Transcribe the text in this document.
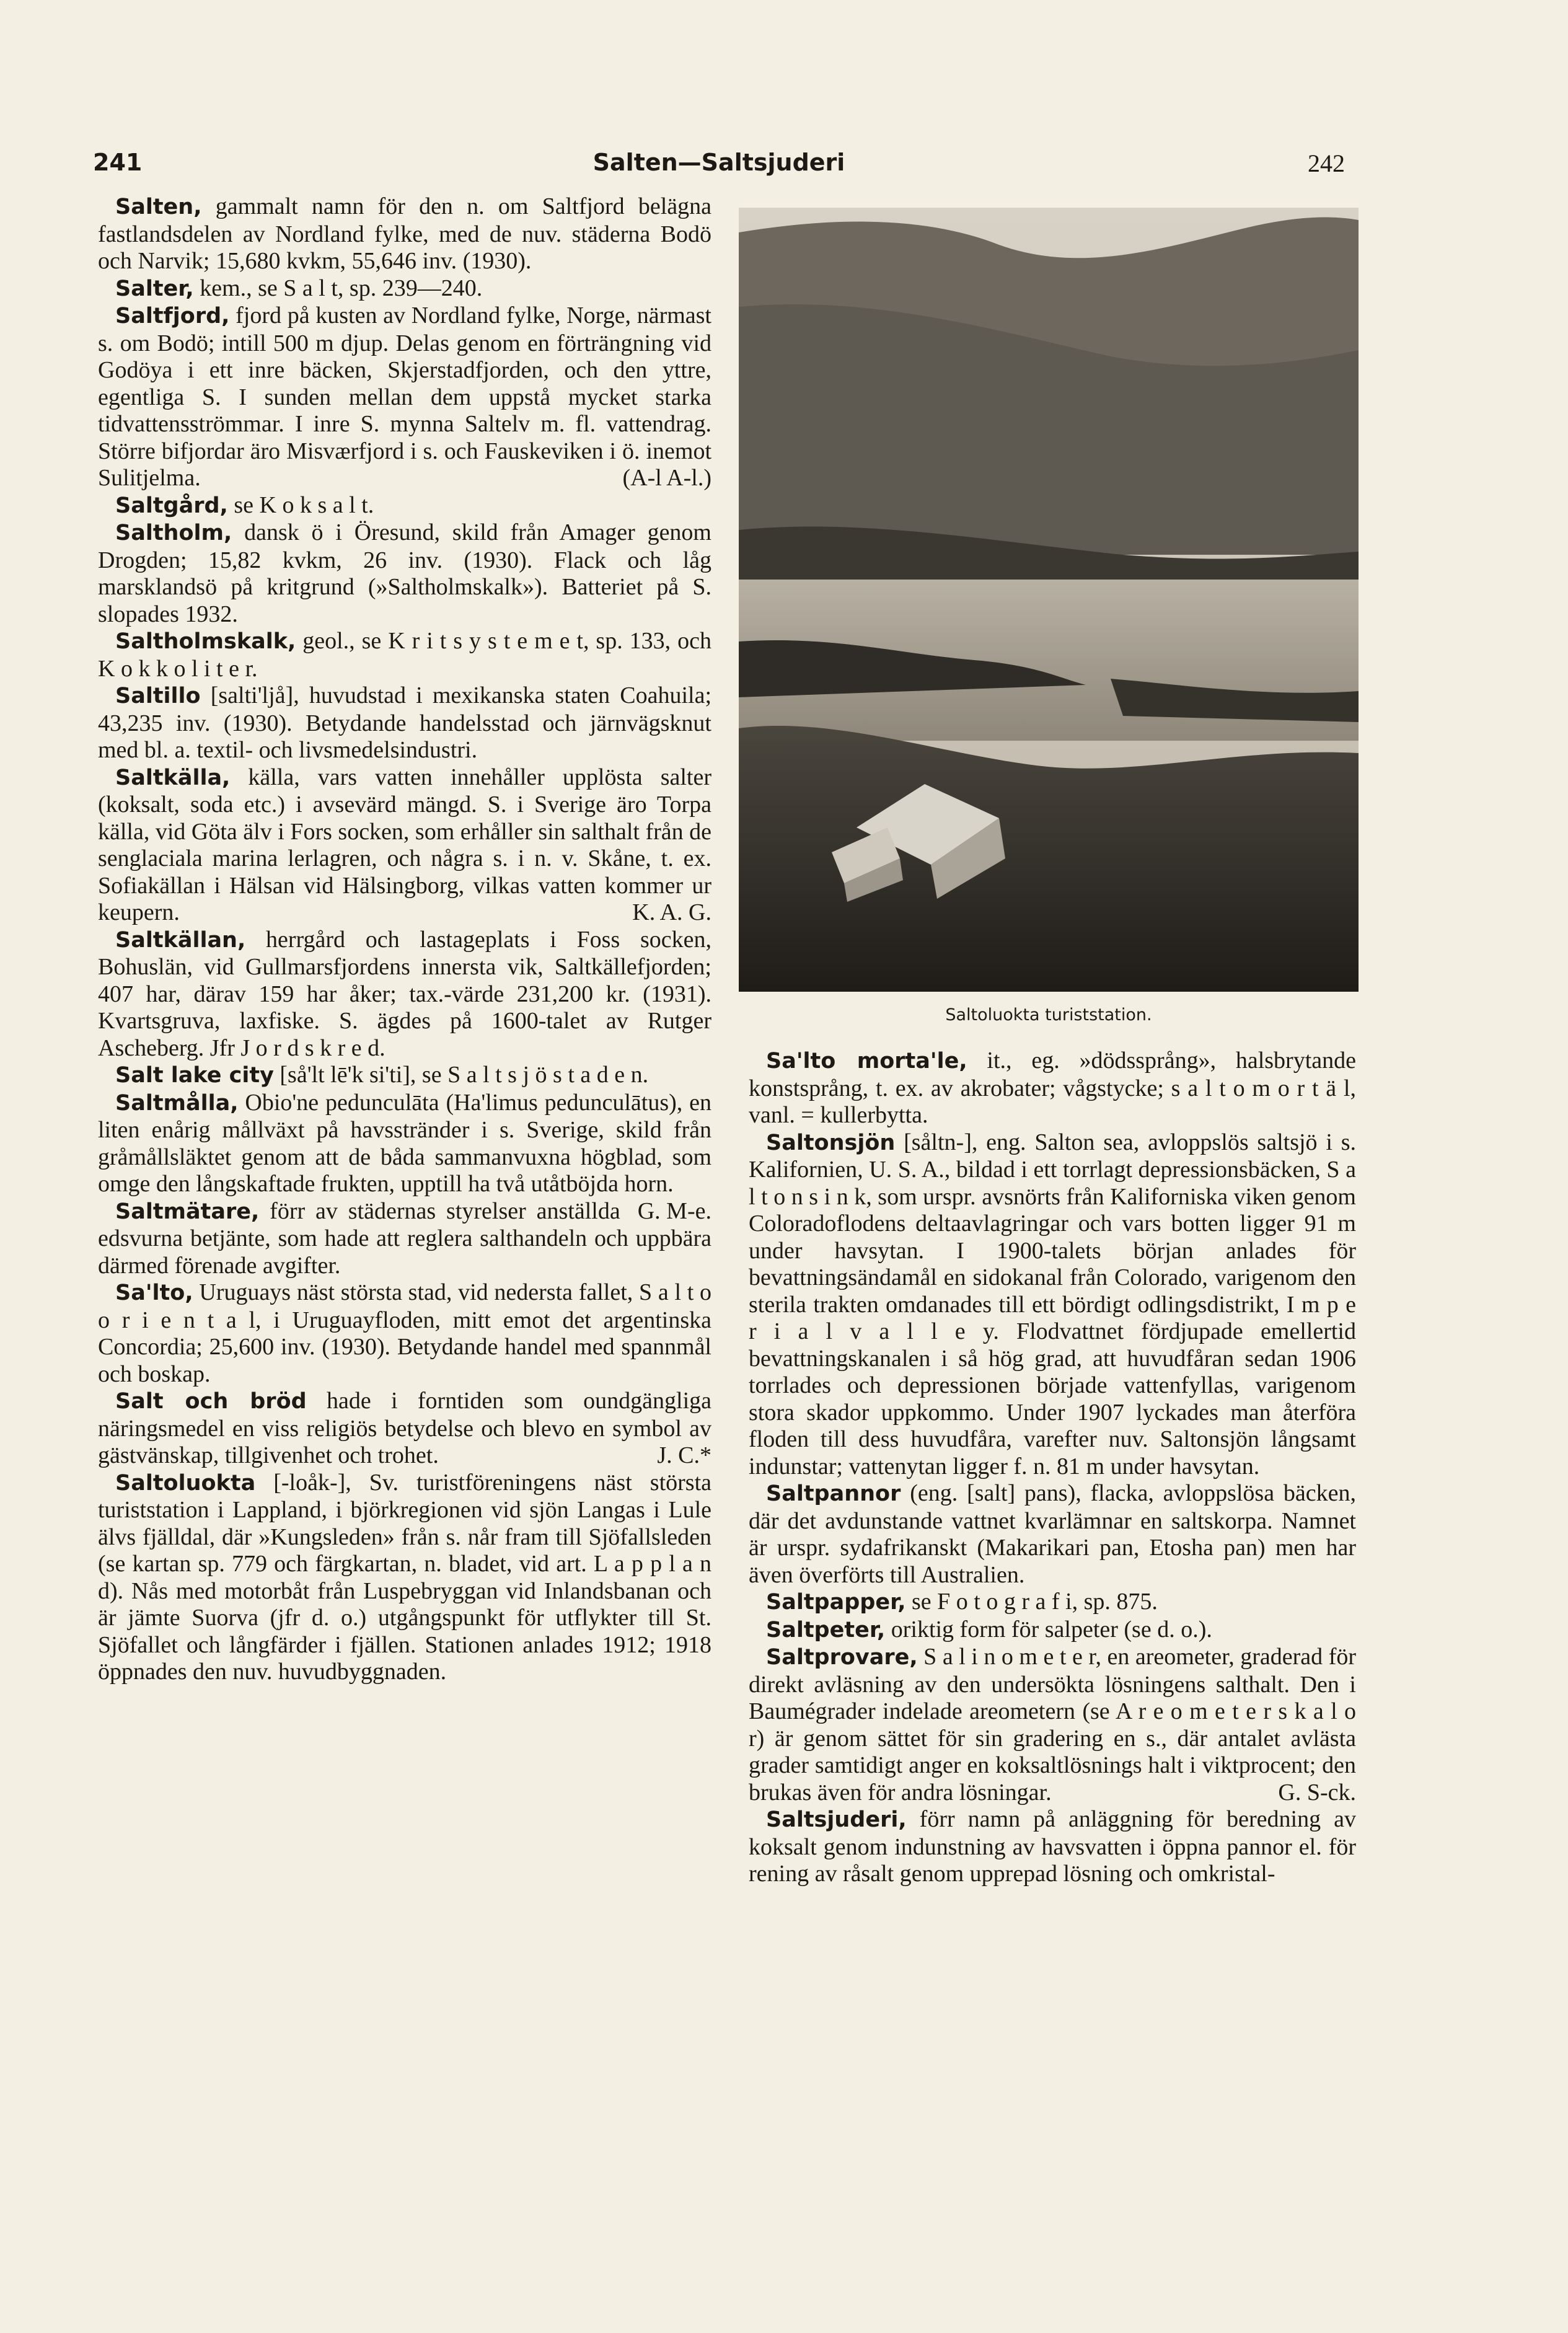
241	Salten—Saltsjuderi	242

Salten, gammalt namn för den n. om Saltfjord belägna fastlandsdelen av Nordland fylke, med de nuv. städerna Bodö och Narvik; 15,680 kvkm, 55,646 inv. (1930).

Salter, kem., se S a l t, sp. 239—240.

Saltfjord, fjord på kusten av Nordland fylke, Norge, närmast s. om Bodö; intill 500 m djup. Delas genom en förträngning vid Godöya i ett inre bäcken, Skjerstadfjorden, och den yttre, egentliga S. I sunden mellan dem uppstå mycket starka tidvattensströmmar. I inre S. mynna Saltelv m. fl. vattendrag. Större bifjordar äro Misværfjord i s. och Fauskeviken i ö. inemot Sulitjelma.	(A-l A-l.)

Saltgård, se K o k s a l t.

Saltholm, dansk ö i Öresund, skild från Amager genom Drogden; 15,82 kvkm, 26 inv. (1930). Flack och låg marsklandsö på kritgrund (»Saltholmskalk»). Batteriet på S. slopades 1932.

Saltholmskalk, geol., se K r i t s y s t e m e t, sp. 133, och K o k k o l i t e r.

Saltillo [salti'ljå], huvudstad i mexikanska staten Coahuila; 43,235 inv. (1930). Betydande handelsstad och järnvägsknut med bl. a. textil- och livsmedelsindustri.

Saltkälla, källa, vars vatten innehåller upplösta salter (koksalt, soda etc.) i avsevärd mängd. S. i Sverige äro Torpa källa, vid Göta älv i Fors socken, som erhåller sin salthalt från de senglaciala marina lerlagren, och några s. i n. v. Skåne, t. ex. Sofiakällan i Hälsan vid Hälsingborg, vilkas vatten kommer ur keupern.	K. A. G.

Saltkällan, herrgård och lastageplats i Foss socken, Bohuslän, vid Gullmarsfjordens innersta vik, Saltkällefjorden; 407 har, därav 159 har åker; tax.-värde 231,200 kr. (1931). Kvartsgruva, laxfiske. S. ägdes på 1600-talet av Rutger Ascheberg. Jfr J o r d s k r e d.

Salt lake city [så'lt lē'k si'ti], se S a l t s j ö s t a d e n.

Saltmålla, Obio'ne pedunculāta (Ha'limus pedunculātus), en liten enårig mållväxt på havsstränder i s. Sverige, skild från gråmållsläktet genom att de båda sammanvuxna högblad, som omge den långskaftade frukten, upptill ha två utåtböjda horn.
G. M-e.

Saltmätare, förr av städernas styrelser anställda edsvurna betjänte, som hade att reglera salthandeln och uppbära därmed förenade avgifter.

Sa'lto, Uruguays näst största stad, vid nedersta fallet, S a l t o o r i e n t a l, i Uruguayfloden, mitt emot det argentinska Concordia; 25,600 inv. (1930). Betydande handel med spannmål och boskap.

Salt och bröd hade i forntiden som oundgängliga näringsmedel en viss religiös betydelse och blevo en symbol av gästvänskap, tillgivenhet och trohet.	J. C.*

Saltoluokta [-loåk-], Sv. turistföreningens näst största turiststation i Lappland, i björkregionen vid sjön Langas i Lule älvs fjälldal, där »Kungsleden» från s. når fram till Sjöfallsleden (se kartan sp. 779 och färgkartan, n. bladet, vid art. L a p p l a n d). Nås med motorbåt från Luspebryggan vid Inlandsbanan och är jämte Suorva (jfr d. o.) utgångspunkt för utflykter till St. Sjöfallet och långfärder i fjällen. Stationen anlades 1912; 1918 öppnades den nuv. huvudbyggnaden.

Saltoluokta turiststation.

Sa'lto morta'le, it., eg. »dödssprång», halsbrytande konstsprång, t. ex. av akrobater; vågstycke; s a l t o m o r t ä l, vanl. = kullerbytta.

Saltonsjön [såltn-], eng. Salton sea, avloppslös saltsjö i s. Kalifornien, U. S. A., bildad i ett torrlagt depressionsbäcken, S a l t o n s i n k, som urspr. avsnörts från Kaliforniska viken genom Coloradoflodens deltaavlagringar och vars botten ligger 91 m under havsytan. I 1900-talets början anlades för bevattningsändamål en sidokanal från Colorado, varigenom den sterila trakten omdanades till ett bördigt odlingsdistrikt, I m p e r i a l v a l l e y. Flodvattnet fördjupade emellertid bevattningskanalen i så hög grad, att huvudfåran sedan 1906 torrlades och depressionen började vattenfyllas, varigenom stora skador uppkommo. Under 1907 lyckades man återföra floden till dess huvudfåra, varefter nuv. Saltonsjön långsamt indunstar; vattenytan ligger f. n. 81 m under havsytan.

Saltpannor (eng. [salt] pans), flacka, avloppslösa bäcken, där det avdunstande vattnet kvarlämnar en saltskorpa. Namnet är urspr. sydafrikanskt (Makarikari pan, Etosha pan) men har även överförts till Australien.

Saltpapper, se F o t o g r a f i, sp. 875.

Saltpeter, oriktig form för salpeter (se d. o.).

Saltprovare, S a l i n o m e t e r, en areometer, graderad för direkt avläsning av den undersökta lösningens salthalt. Den i Baumégrader indelade areometern (se A r e o m e t e r s k a l o r) är genom sättet för sin gradering en s., där antalet avlästa grader samtidigt anger en koksaltlösnings halt i viktprocent; den brukas även för andra lösningar.	G. S-ck.

Saltsjuderi, förr namn på anläggning för beredning av koksalt genom indunstning av havsvatten i öppna pannor el. för rening av råsalt genom upprepad lösning och omkristal-
